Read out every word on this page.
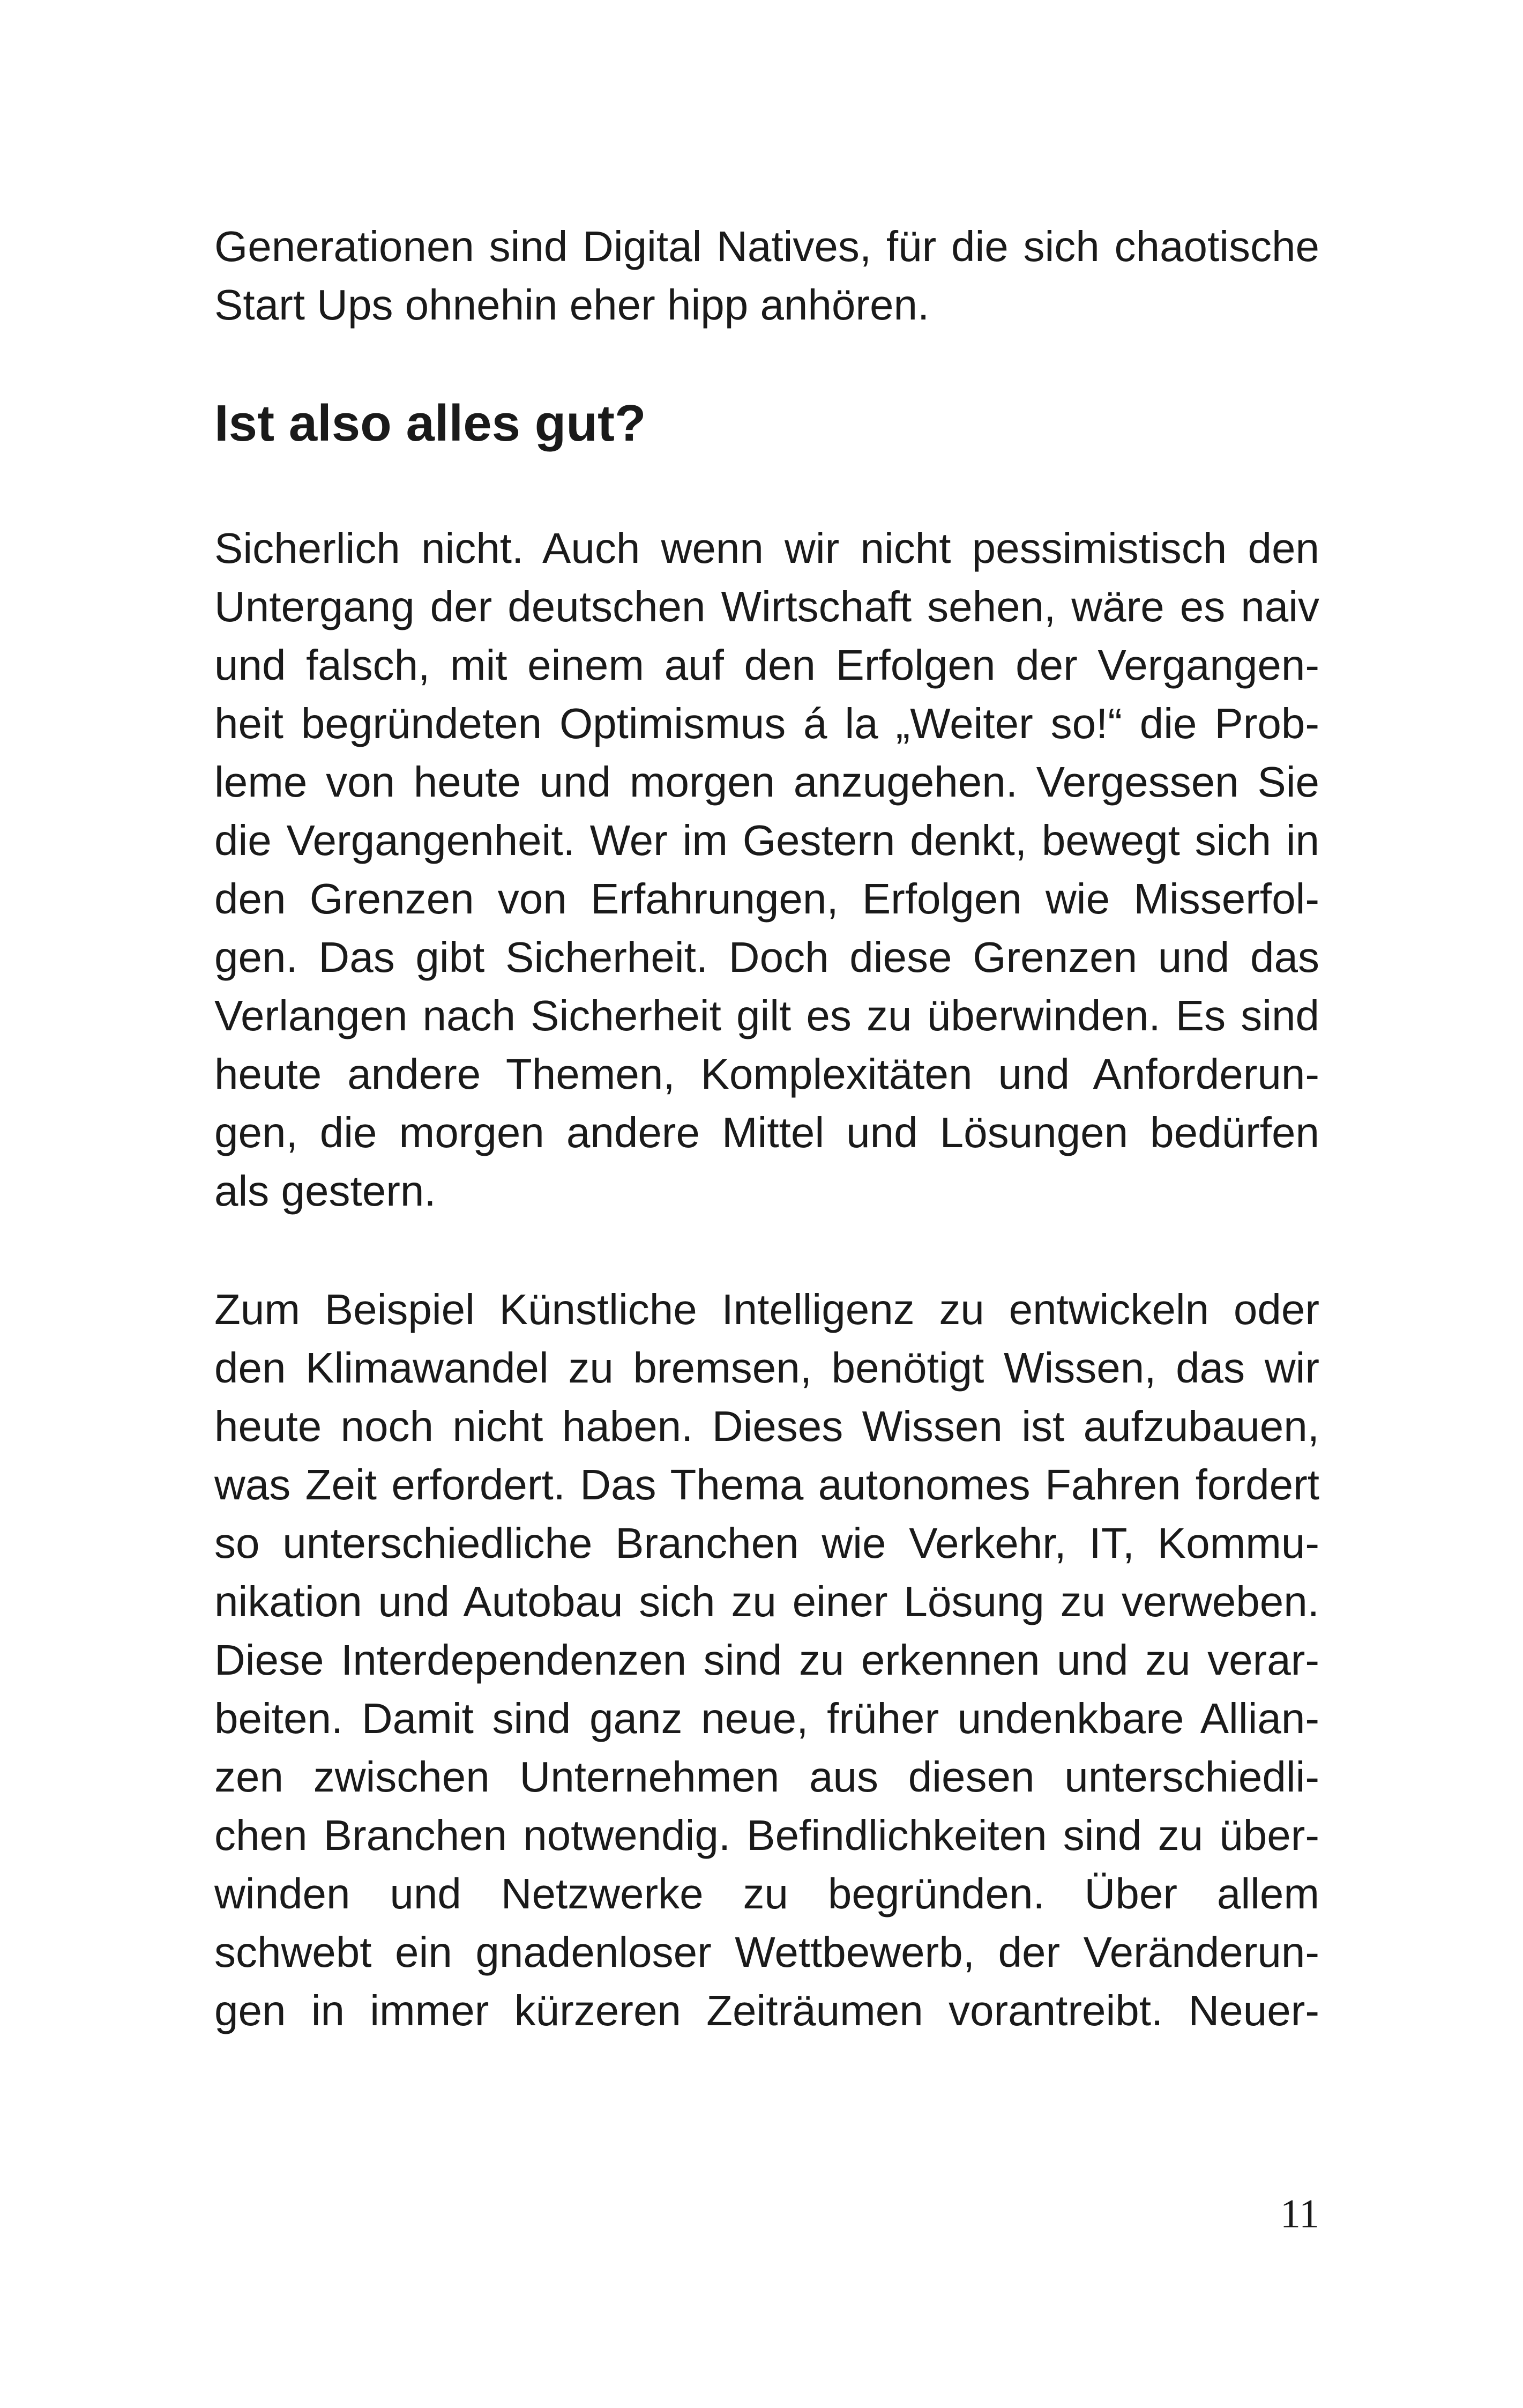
Generationen sind Digital Natives, für die sich chaotische
Start Ups ohnehin eher hipp anhören.
Ist also alles gut?
Sicherlich nicht. Auch wenn wir nicht pessimistisch den
Untergang der deutschen Wirtschaft sehen, wäre es naiv
und falsch, mit einem auf den Erfolgen der Vergangen-
heit begründeten Optimismus á la „Weiter so!“ die Prob-
leme von heute und morgen anzugehen. Vergessen Sie
die Vergangenheit. Wer im Gestern denkt, bewegt sich in
den Grenzen von Erfahrungen, Erfolgen wie Misserfol-
gen. Das gibt Sicherheit. Doch diese Grenzen und das
Verlangen nach Sicherheit gilt es zu überwinden. Es sind
heute andere Themen, Komplexitäten und Anforderun-
gen, die morgen andere Mittel und Lösungen bedürfen
als gestern.
Zum Beispiel Künstliche Intelligenz zu entwickeln oder
den Klimawandel zu bremsen, benötigt Wissen, das wir
heute noch nicht haben. Dieses Wissen ist aufzubauen,
was Zeit erfordert. Das Thema autonomes Fahren fordert
so unterschiedliche Branchen wie Verkehr, IT, Kommu-
nikation und Autobau sich zu einer Lösung zu verweben.
Diese Interdependenzen sind zu erkennen und zu verar-
beiten. Damit sind ganz neue, früher undenkbare Allian-
zen zwischen Unternehmen aus diesen unterschiedli-
chen Branchen notwendig. Befindlichkeiten sind zu über-
winden und Netzwerke zu begründen. Über allem
schwebt ein gnadenloser Wettbewerb, der Veränderun-
gen in immer kürzeren Zeiträumen vorantreibt. Neuer-
11
